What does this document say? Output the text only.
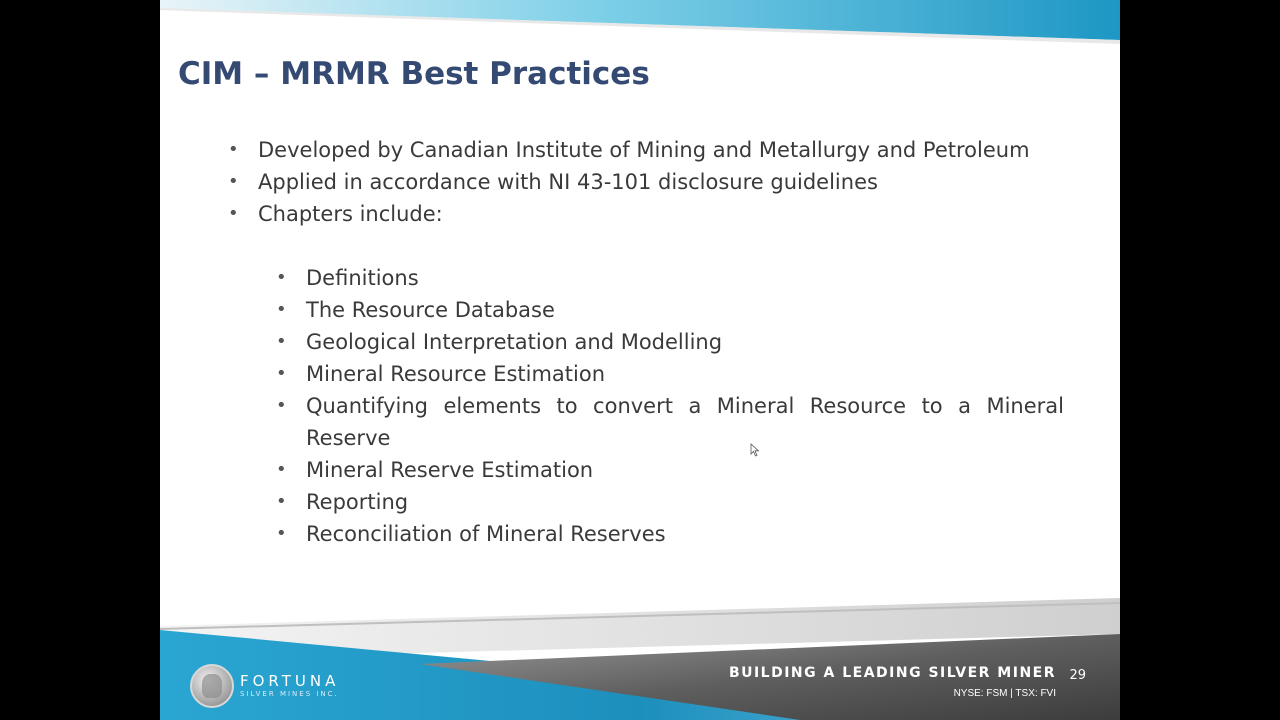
CIM – MRMR Best Practices
• Developed by Canadian Institute of Mining and Metallurgy and Petroleum
• Applied in accordance with NI 43-101 disclosure guidelines
• Chapters include:
• Definitions
• The Resource Database
• Geological Interpretation and Modelling
• Mineral Resource Estimation
• Quantifying elements to convert a Mineral Resource to a Mineral Reserve
• Mineral Reserve Estimation
• Reporting
• Reconciliation of Mineral Reserves
FORTUNA
SILVER MINES INC.
BUILDING A LEADING SILVER MINER 29
NYSE: FSM | TSX: FVI
